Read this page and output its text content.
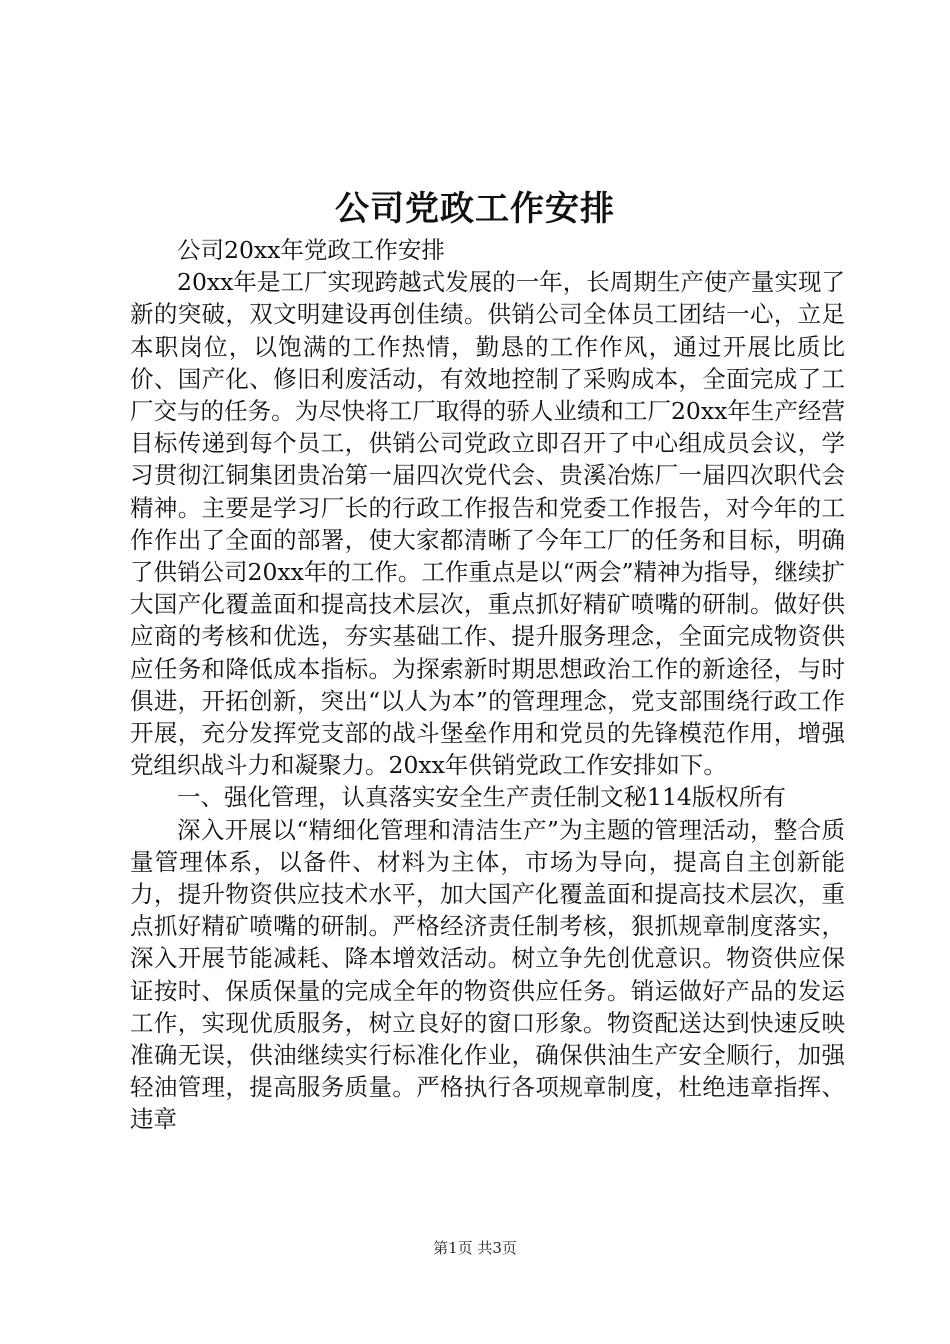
公司党政工作安排

公司20xx年党政工作安排

20xx年是工厂实现跨越式发展的一年，长周期生产使产量实现了新的突破，双文明建设再创佳绩。供销公司全体员工团结一心，立足本职岗位，以饱满的工作热情，勤恳的工作作风，通过开展比质比价、国产化、修旧利废活动，有效地控制了采购成本，全面完成了工厂交与的任务。为尽快将工厂取得的骄人业绩和工厂20xx年生产经营目标传递到每个员工，供销公司党政立即召开了中心组成员会议，学习贯彻江铜集团贵冶第一届四次党代会、贵溪冶炼厂一届四次职代会精神。主要是学习厂长的行政工作报告和党委工作报告，对今年的工作作出了全面的部署，使大家都清晰了今年工厂的任务和目标，明确了供销公司20xx年的工作。工作重点是以“两会”精神为指导，继续扩大国产化覆盖面和提高技术层次，重点抓好精矿喷嘴的研制。做好供应商的考核和优选，夯实基础工作、提升服务理念，全面完成物资供应任务和降低成本指标。为探索新时期思想政治工作的新途径，与时俱进，开拓创新，突出“以人为本”的管理理念，党支部围绕行政工作开展，充分发挥党支部的战斗堡垒作用和党员的先锋模范作用，增强党组织战斗力和凝聚力。20xx年供销党政工作安排如下。

一、强化管理，认真落实安全生产责任制文秘114版权所有

深入开展以“精细化管理和清洁生产”为主题的管理活动，整合质量管理体系，以备件、材料为主体，市场为导向，提高自主创新能力，提升物资供应技术水平，加大国产化覆盖面和提高技术层次，重点抓好精矿喷嘴的研制。严格经济责任制考核，狠抓规章制度落实，深入开展节能减耗、降本增效活动。树立争先创优意识。物资供应保证按时、保质保量的完成全年的物资供应任务。销运做好产品的发运工作，实现优质服务，树立良好的窗口形象。物资配送达到快速反映准确无误，供油继续实行标准化作业，确保供油生产安全顺行，加强轻油管理，提高服务质量。严格执行各项规章制度，杜绝违章指挥、违章

第1页 共3页
